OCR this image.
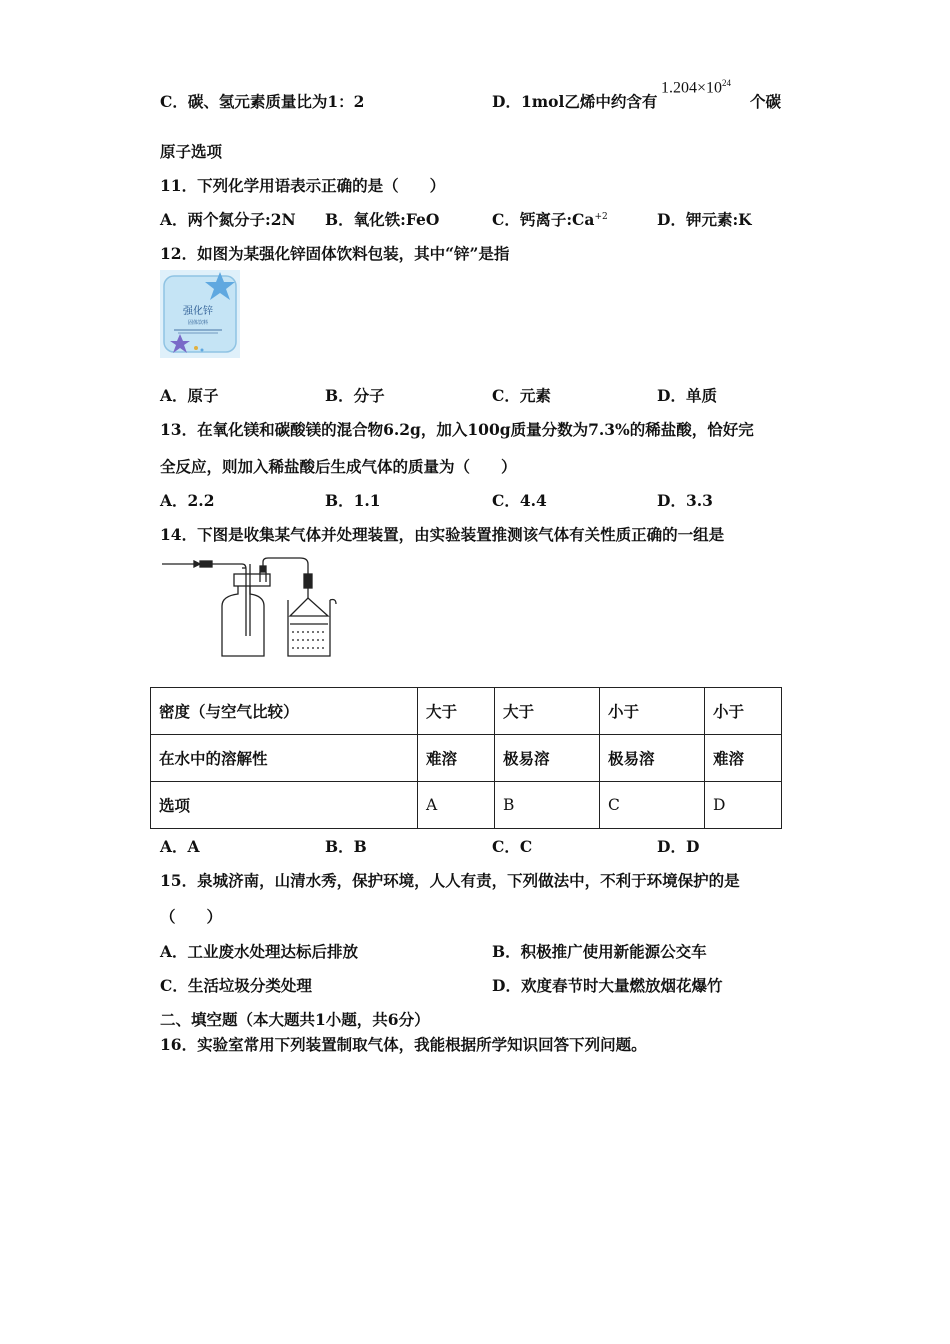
C．碳、氢元素质量比为1：2	D．1mol乙烯中约含有
$1.204\times 10^{24}$
个碳
原子选项
11．下列化学用语表示正确的是（　　）
A．两个氮分子:2N B．氧化铁:FeO	C．钙离子$:Ca^{+2}$	D．钾元素:K
12．如图为某强化锌固体饮料包装，其中“锌”是指
强化锌
固体饮料
A．原子	B．分子	C．元素	D．单质
13．在氧化镁和碳酸镁的混合物6.2g，加入100g质量分数为7.3%的稀盐酸，恰好完
全反应，则加入稀盐酸后生成气体的质量为（　　）
A．2.2	B．1.1	C．4.4	D．3.3
14．下图是收集某气体并处理装置，由实验装置推测该气体有关性质正确的一组是
密度（与空气比较）	大于	大于	小于	小于
在水中的溶解性	难溶	极易溶	极易溶	难溶
选项	A	B	C	D
A．A	B．B	C．C	D．D
15．泉城济南，山清水秀，保护环境，人人有责，下列做法中，不利于环境保护的是
（　　）
A．工业废水处理达标后排放	B．积极推广使用新能源公交车
C．生活垃圾分类处理	D．欢度春节时大量燃放烟花爆竹
二、填空题（本大题共1小题，共6分）
16．实验室常用下列装置制取气体，我能根据所学知识回答下列问题。
